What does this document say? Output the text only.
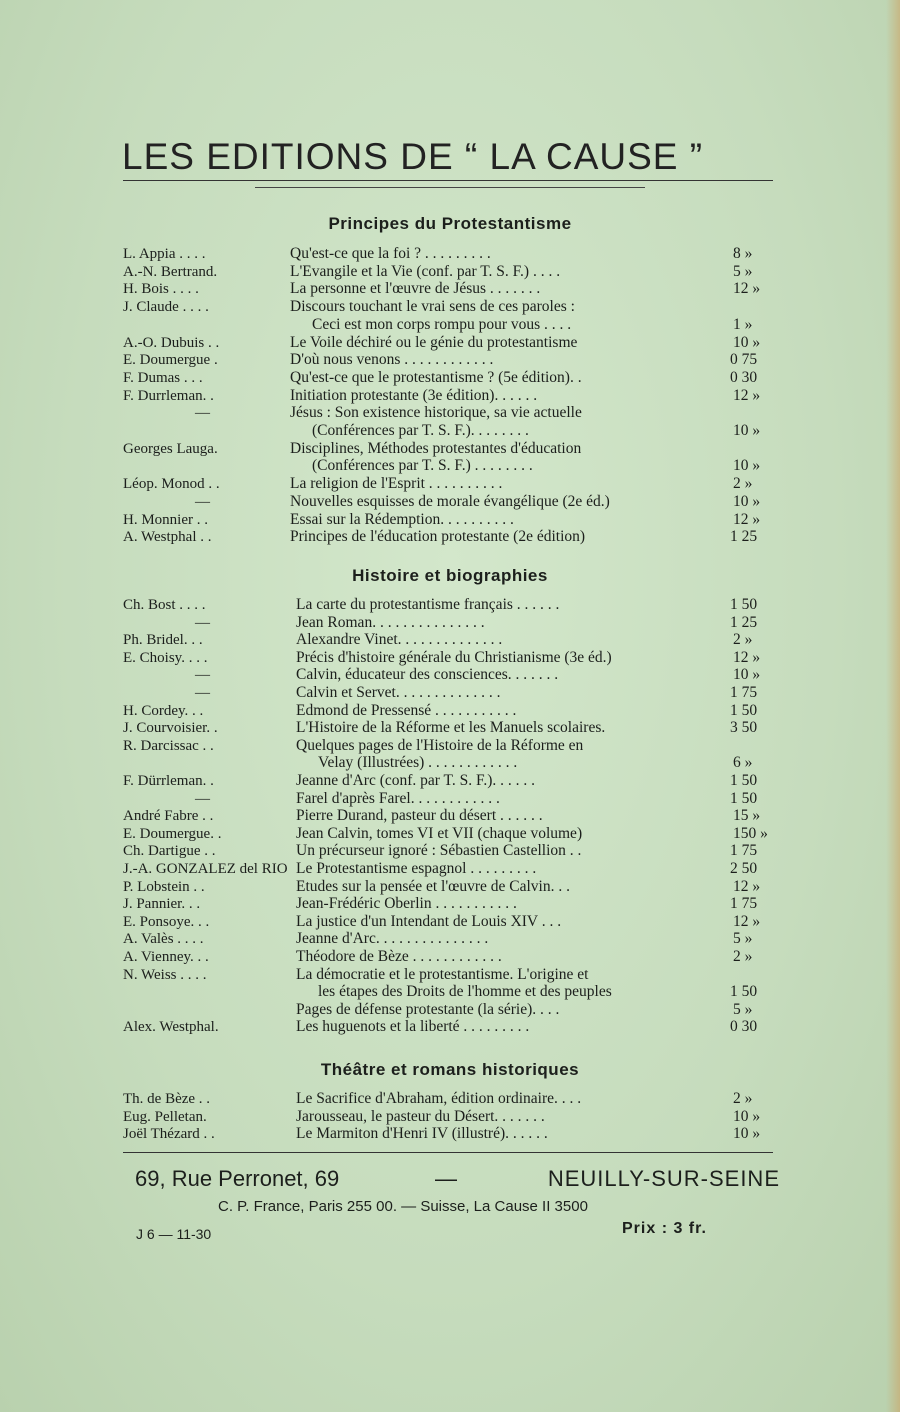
LES EDITIONS DE “ LA CAUSE ”
Principes du Protestantisme
L. Appia . . . .	Qu'est-ce que la foi ? . . . . . . . . .	8 »
A.-N. Bertrand.	L'Evangile et la Vie (conf. par T. S. F.) . . . .	5 »
H. Bois . . . .	La personne et l'œuvre de Jésus . . . . . . .	12 »
J. Claude . . . .	Discours touchant le vrai sens de ces paroles :
Ceci est mon corps rompu pour vous . . . .	1 »
A.-O. Dubuis . .	Le Voile déchiré ou le génie du protestantisme	10 »
E. Doumergue .	D'où nous venons . . . . . . . . . . . .	0 75
F. Dumas . . .	Qu'est-ce que le protestantisme ? (5e édition). .	0 30
F. Durrleman. .	Initiation protestante (3e édition). . . . . .	12 »
—	Jésus : Son existence historique, sa vie actuelle
(Conférences par T. S. F.). . . . . . . .	10 »
Georges Lauga.	Disciplines, Méthodes protestantes d'éducation
(Conférences par T. S. F.) . . . . . . . .	10 »
Léop. Monod . .	La religion de l'Esprit . . . . . . . . . .	2 »
—	Nouvelles esquisses de morale évangélique (2e éd.)	10 »
H. Monnier . .	Essai sur la Rédemption. . . . . . . . . .	12 »
A. Westphal . .	Principes de l'éducation protestante (2e édition)	1 25
Histoire et biographies
Ch. Bost . . . .	La carte du protestantisme français . . . . . .	1 50
—	Jean Roman. . . . . . . . . . . . . . .	1 25
Ph. Bridel. . .	Alexandre Vinet. . . . . . . . . . . . . .	2 »
E. Choisy. . . .	Précis d'histoire générale du Christianisme (3e éd.)	12 »
—	Calvin, éducateur des consciences. . . . . . .	10 »
—	Calvin et Servet. . . . . . . . . . . . . .	1 75
H. Cordey. . .	Edmond de Pressensé . . . . . . . . . . .	1 50
J. Courvoisier. .	L'Histoire de la Réforme et les Manuels scolaires.	3 50
R. Darcissac . .	Quelques pages de l'Histoire de la Réforme en
Velay (Illustrées) . . . . . . . . . . . .	6 »
F. Dürrleman. .	Jeanne d'Arc (conf. par T. S. F.). . . . . .	1 50
—	Farel d'après Farel. . . . . . . . . . . .	1 50
André Fabre . .	Pierre Durand, pasteur du désert . . . . . .	15 »
E. Doumergue. .	Jean Calvin, tomes VI et VII (chaque volume)	150 »
Ch. Dartigue . .	Un précurseur ignoré : Sébastien Castellion . .	1 75
J.-A. GONZALEZ del RIO Le Protestantisme espagnol . . . . . . . . .	2 50
P. Lobstein . .	Etudes sur la pensée et l'œuvre de Calvin. . .	12 »
J. Pannier. . .	Jean-Frédéric Oberlin . . . . . . . . . . .	1 75
E. Ponsoye. . .	La justice d'un Intendant de Louis XIV . . .	12 »
A. Valès . . . .	Jeanne d'Arc. . . . . . . . . . . . . . .	5 »
A. Vienney. . .	Théodore de Bèze . . . . . . . . . . . .	2 »
N. Weiss . . . .	La démocratie et le protestantisme. L'origine et
les étapes des Droits de l'homme et des peuples	1 50
Pages de défense protestante (la série). . . .	5 »
Alex. Westphal.	Les huguenots et la liberté . . . . . . . . .	0 30
Théâtre et romans historiques
Th. de Bèze . .	Le Sacrifice d'Abraham, édition ordinaire. . . .	2 »
Eug. Pelletan.	Jarousseau, le pasteur du Désert. . . . . . .	10 »
Joël Thézard . .	Le Marmiton d'Henri IV (illustré). . . . . .	10 »
69, Rue Perronet, 69	—	NEUILLY-SUR-SEINE
C. P. France, Paris 255 00. — Suisse, La Cause II 3500
J 6 — 11-30	Prix : 3 fr.
